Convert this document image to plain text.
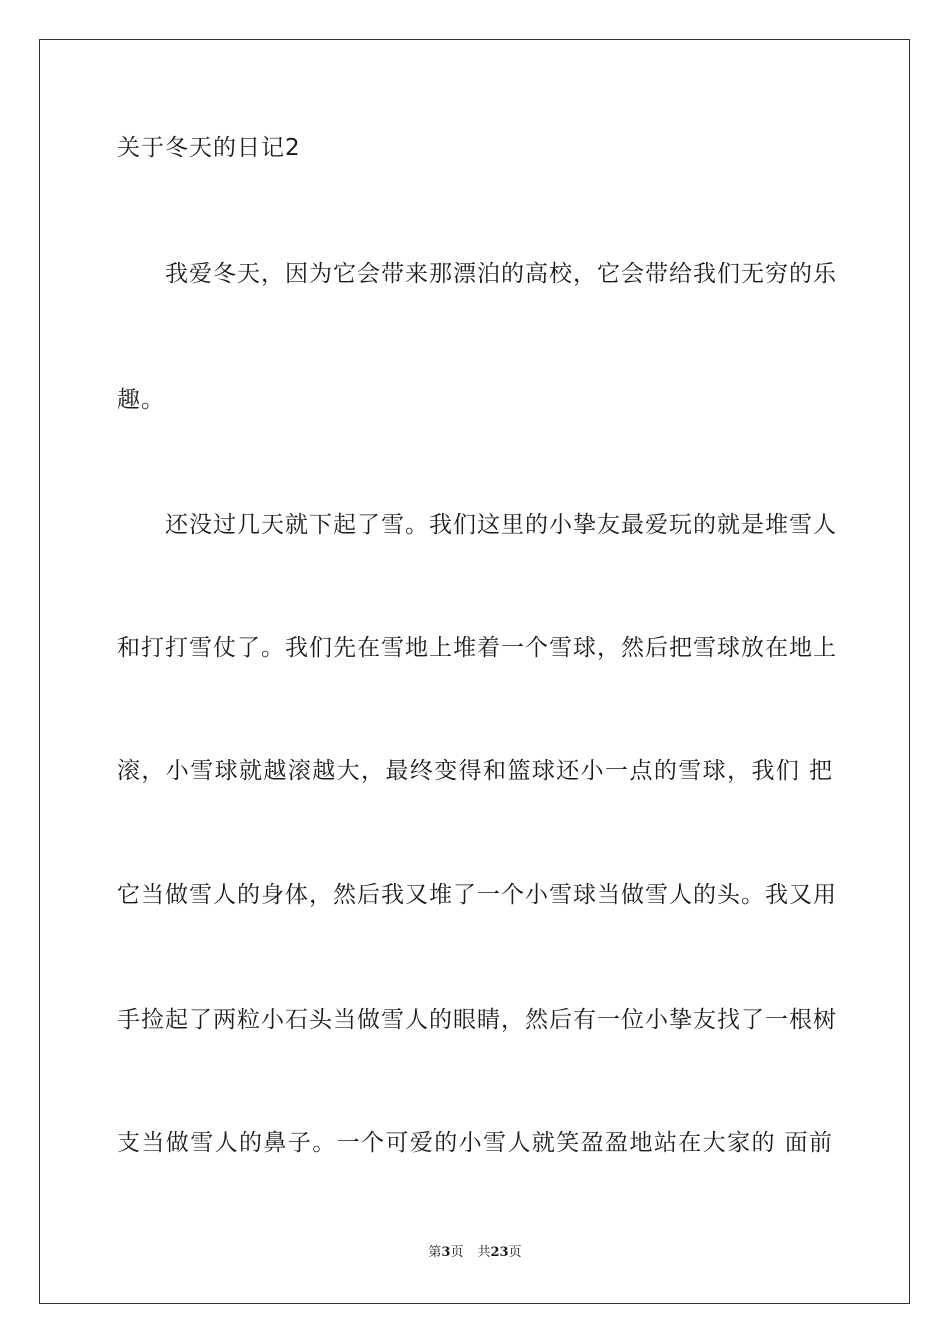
关于冬天的日记2
我爱冬天，因为它会带来那漂泊的高校，它会带给我们无穷的乐
趣。
还没过几天就下起了雪。我们这里的小挚友最爱玩的就是堆雪人
和打打雪仗了。我们先在雪地上堆着一个雪球，然后把雪球放在地上
滚，小雪球就越滚越大，最终变得和篮球还小一点的雪球，我们 把
它当做雪人的身体，然后我又堆了一个小雪球当做雪人的头。我又用
手捡起了两粒小石头当做雪人的眼睛，然后有一位小挚友找了一根树
支当做雪人的鼻子。一个可爱的小雪人就笑盈盈地站在大家的 面前
第3页 共23页
